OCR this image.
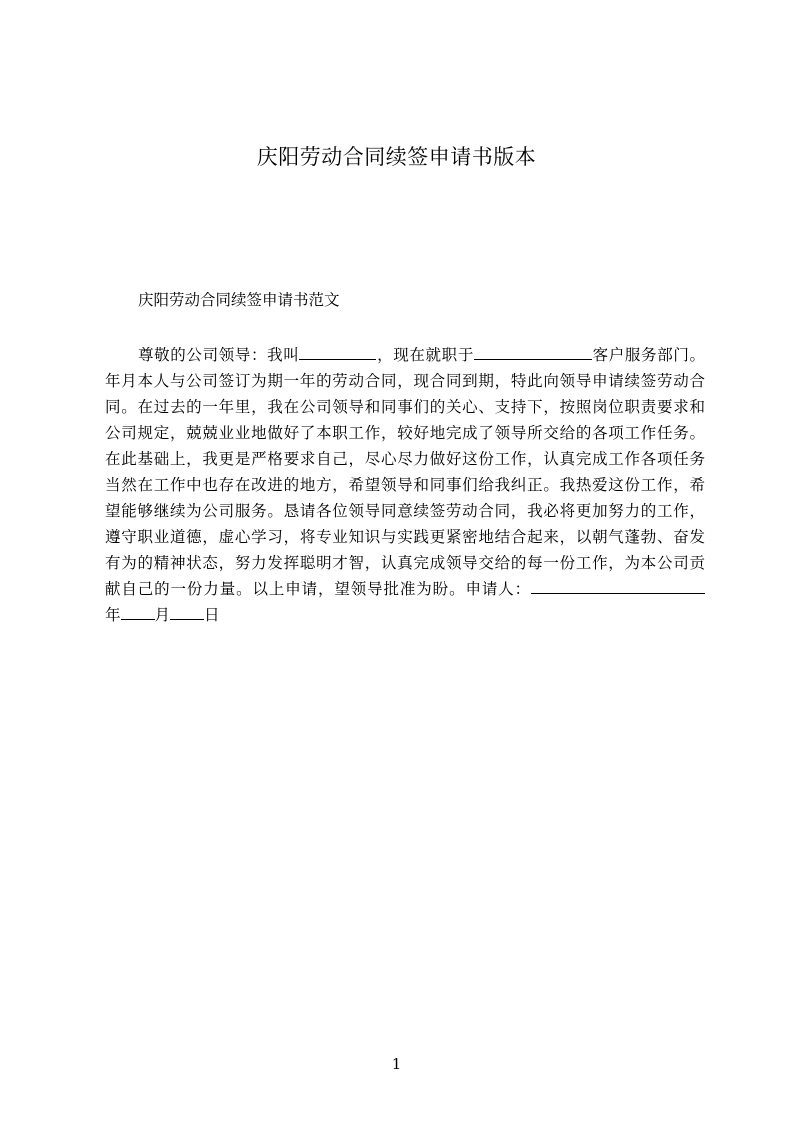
庆阳劳动合同续签申请书版本
庆阳劳动合同续签申请书范文
尊敬的公司领导：我叫	，现在就职于	客户服务部门。
年月本人与公司签订为期一年的劳动合同，现合同到期，特此向领导申请续签劳动合
同。在过去的一年里，我在公司领导和同事们的关心、支持下，按照岗位职责要求和
公司规定，兢兢业业地做好了本职工作，较好地完成了领导所交给的各项工作任务。
在此基础上，我更是严格要求自己，尽心尽力做好这份工作，认真完成工作各项任务
当然在工作中也存在改进的地方，希望领导和同事们给我纠正。我热爱这份工作，希
望能够继续为公司服务。恳请各位领导同意续签劳动合同，我必将更加努力的工作，
遵守职业道德，虚心学习，将专业知识与实践更紧密地结合起来，以朝气蓬勃、奋发
有为的精神状态，努力发挥聪明才智，认真完成领导交给的每一份工作，为本公司贡
献自己的一份力量。以上申请，望领导批准为盼。申请人：
年 月 日
1
